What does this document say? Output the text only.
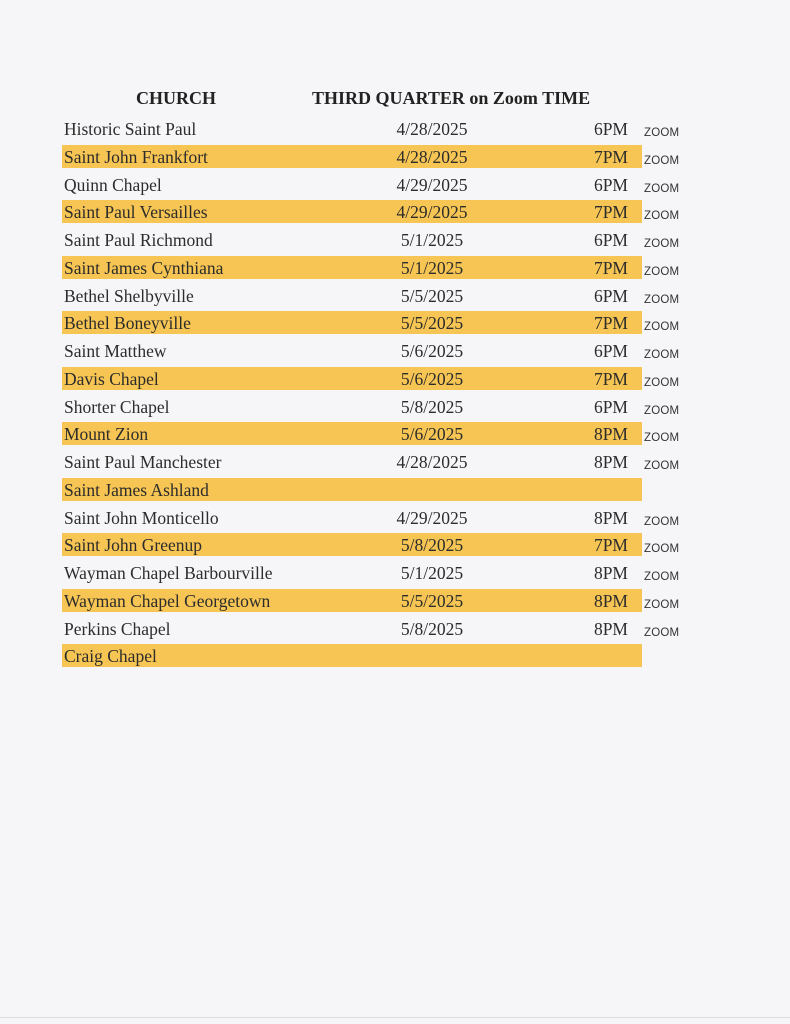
CHURCH	THIRD QUARTER on Zoom TIME
Historic Saint Paul	4/28/2025	6PM ZOOM
Saint John Frankfort	4/28/2025	7PM ZOOM
Quinn Chapel	4/29/2025	6PM ZOOM
Saint Paul Versailles	4/29/2025	7PM ZOOM
Saint Paul Richmond	5/1/2025	6PM ZOOM
Saint James Cynthiana	5/1/2025	7PM ZOOM
Bethel Shelbyville	5/5/2025	6PM ZOOM
Bethel Boneyville	5/5/2025	7PM ZOOM
Saint Matthew	5/6/2025	6PM ZOOM
Davis Chapel	5/6/2025	7PM ZOOM
Shorter Chapel	5/8/2025	6PM ZOOM
Mount Zion	5/6/2025	8PM ZOOM
Saint Paul Manchester	4/28/2025	8PM ZOOM
Saint James Ashland
Saint John Monticello	4/29/2025	8PM ZOOM
Saint John Greenup	5/8/2025	7PM ZOOM
Wayman Chapel Barbourville	5/1/2025	8PM ZOOM
Wayman Chapel Georgetown	5/5/2025	8PM ZOOM
Perkins Chapel	5/8/2025	8PM ZOOM
Craig Chapel
